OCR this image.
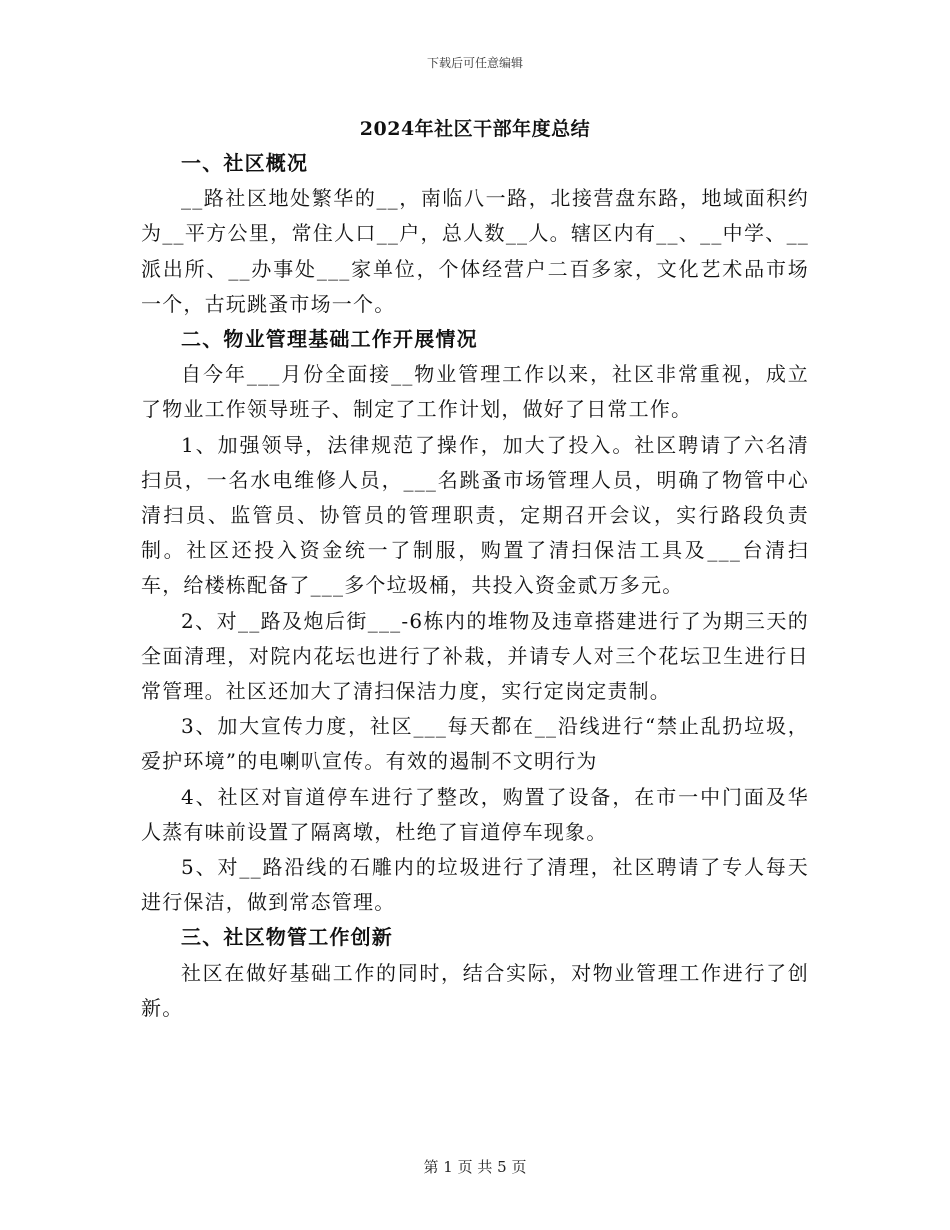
下载后可任意编辑
2024年社区干部年度总结
一、社区概况

__路社区地处繁华的__，南临八一路，北接营盘东路，地域面积约为__平方公里，常住人口__户，总人数__人。辖区内有__、__中学、__派出所、__办事处___家单位，个体经营户二百多家，文化艺术品市场一个，古玩跳蚤市场一个。

二、物业管理基础工作开展情况

自今年___月份全面接__物业管理工作以来，社区非常重视，成立了物业工作领导班子、制定了工作计划，做好了日常工作。

1、加强领导，法律规范了操作，加大了投入。社区聘请了六名清扫员，一名水电维修人员，___名跳蚤市场管理人员，明确了物管中心清扫员、监管员、协管员的管理职责，定期召开会议，实行路段负责制。社区还投入资金统一了制服，购置了清扫保洁工具及___台清扫车，给楼栋配备了___多个垃圾桶，共投入资金贰万多元。

2、对__路及炮后街___-6栋内的堆物及违章搭建进行了为期三天的全面清理，对院内花坛也进行了补栽，并请专人对三个花坛卫生进行日常管理。社区还加大了清扫保洁力度，实行定岗定责制。

3、加大宣传力度，社区___每天都在__沿线进行“禁止乱扔垃圾，爱护环境”的电喇叭宣传。有效的遏制不文明行为

4、社区对盲道停车进行了整改，购置了设备，在市一中门面及华人蒸有味前设置了隔离墩，杜绝了盲道停车现象。

5、对__路沿线的石雕内的垃圾进行了清理，社区聘请了专人每天进行保洁，做到常态管理。

三、社区物管工作创新

社区在做好基础工作的同时，结合实际，对物业管理工作进行了创新。

第 1 页 共 5 页
